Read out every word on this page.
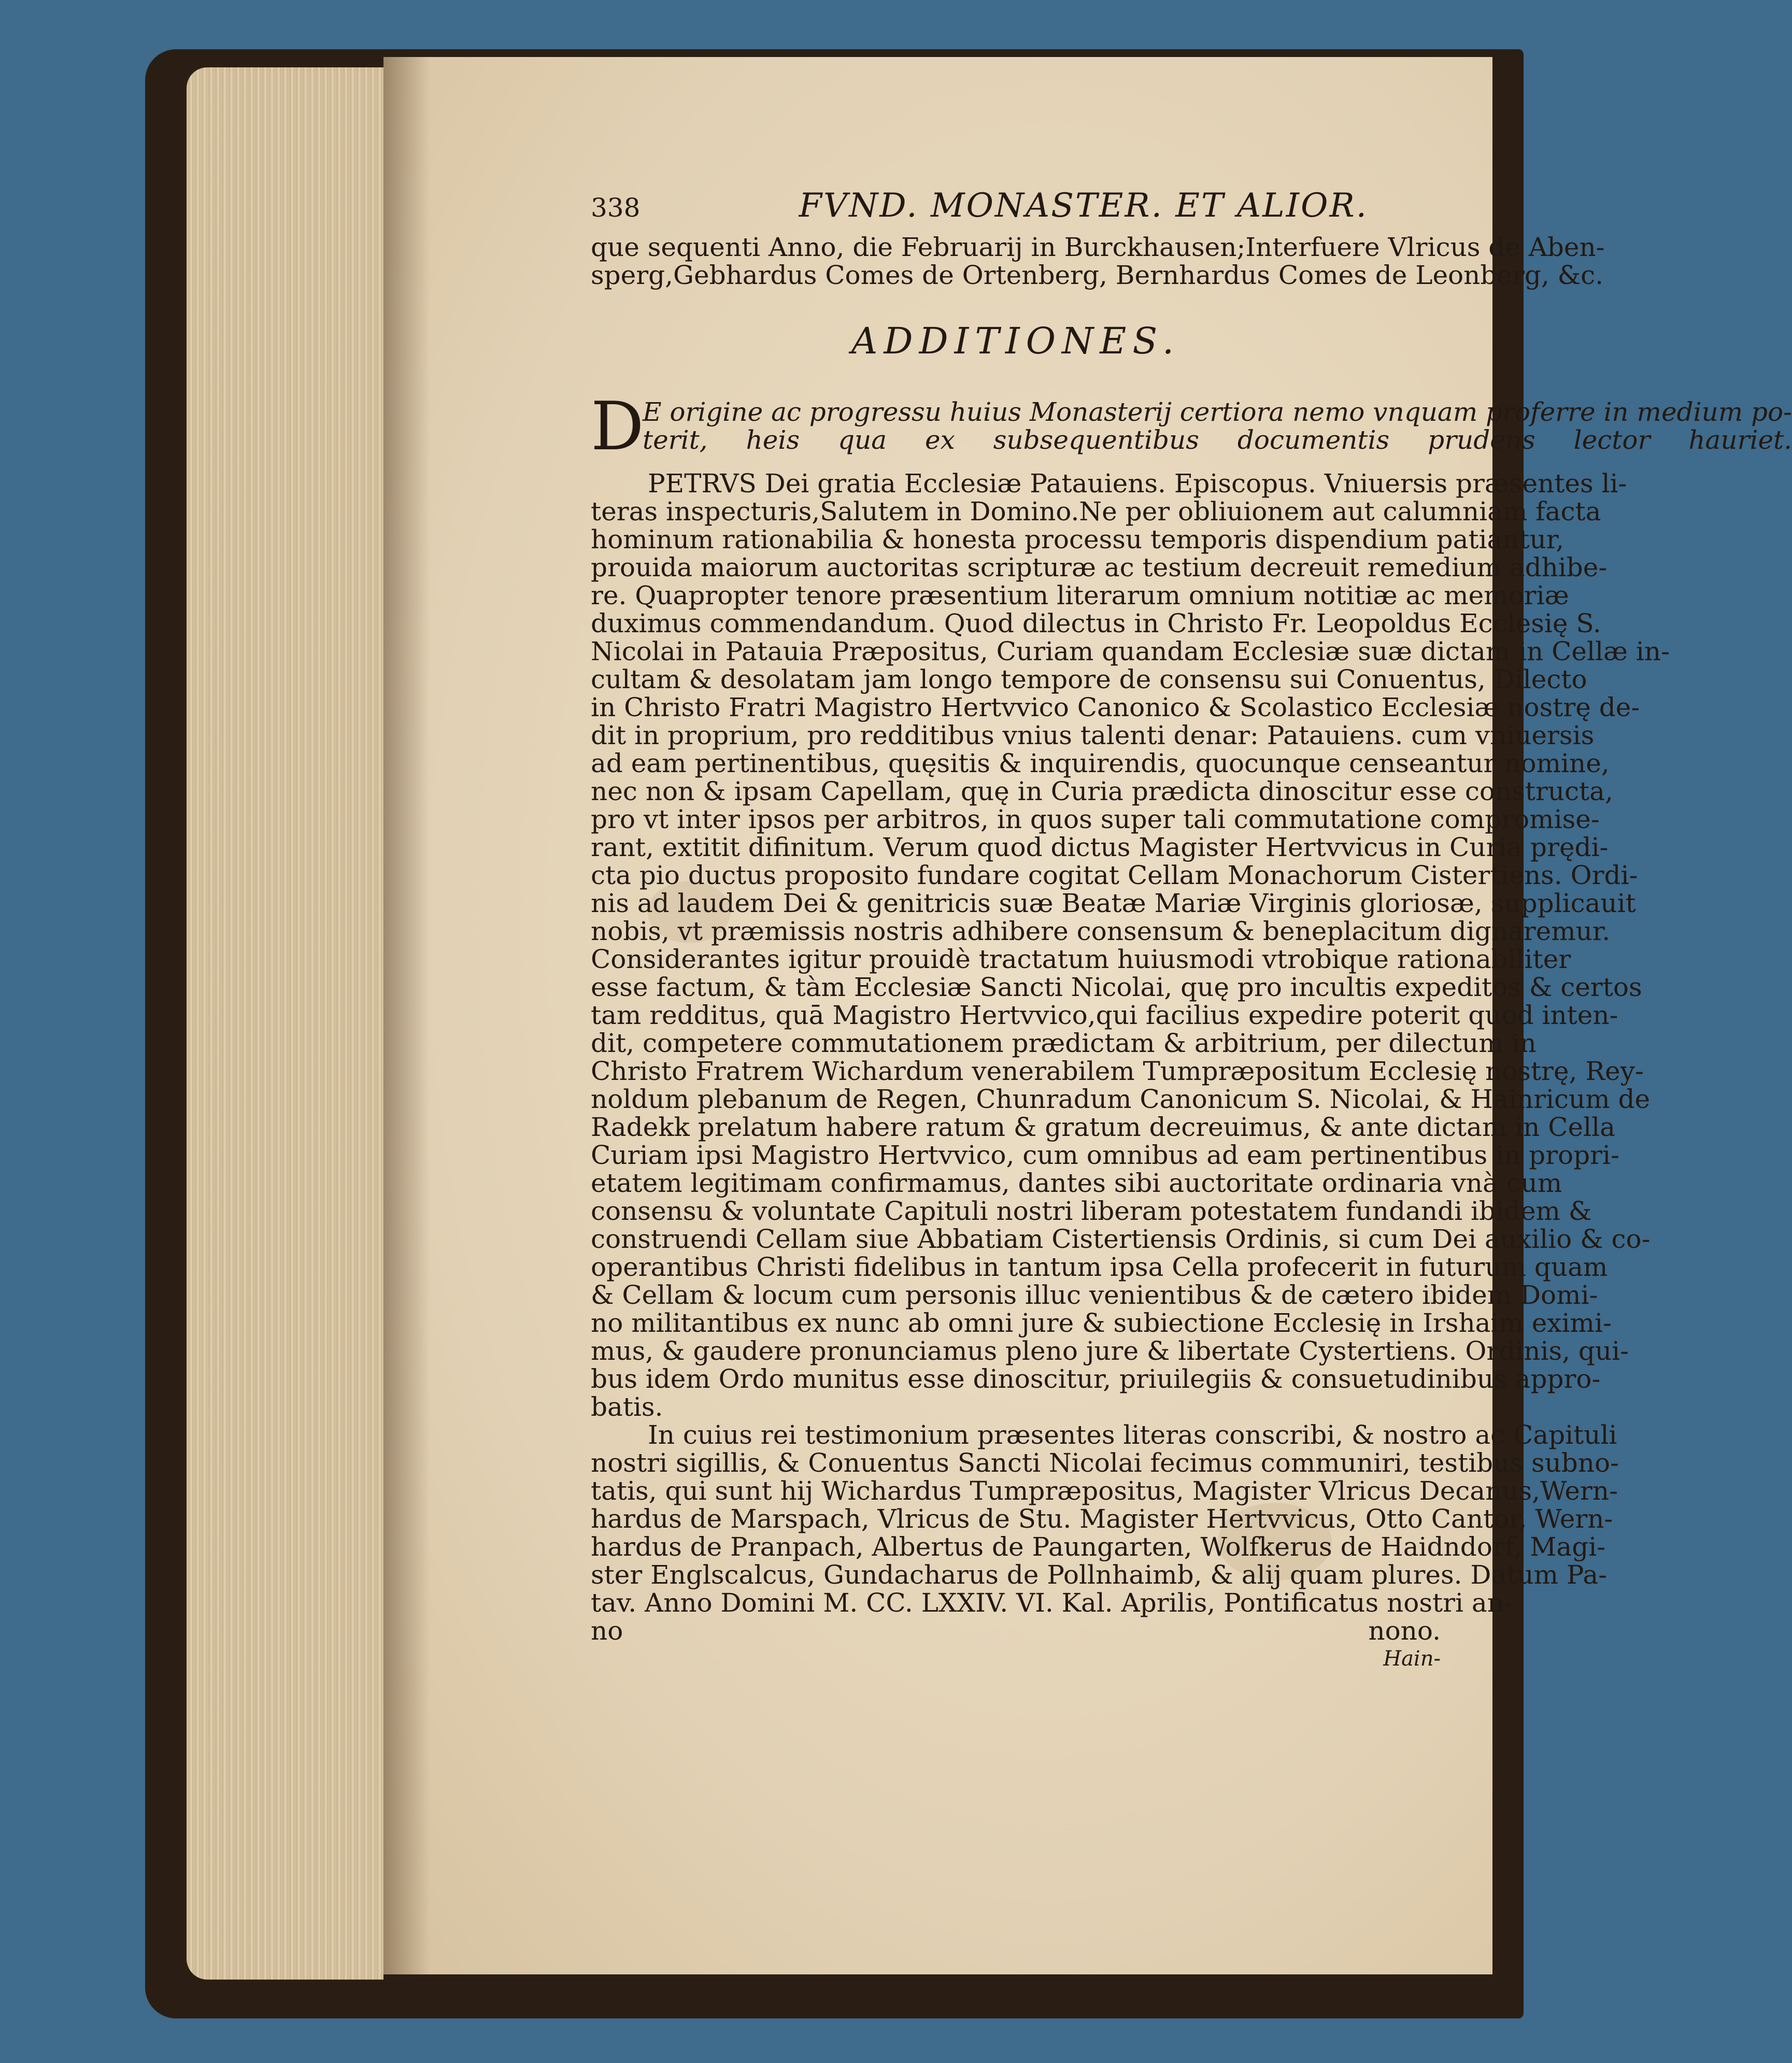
338	FVND. MONASTER. ET ALIOR.
que sequenti Anno, die Februarij in Burckhausen;Interfuere Vlricus de Aben-
sperg,Gebhardus Comes de Ortenberg, Bernhardus Comes de Leonberg, &c.
ADDITIONES.
D
E origine ac progressu huius Monasterij certiora nemo vnquam proferre in medium po-
terit, heis qua ex subsequentibus documentis prudens lector hauriet.
PETRVS Dei gratia Ecclesiæ Patauiens. Episcopus. Vniuersis præsentes li-
teras inspecturis,Salutem in Domino.Ne per obliuionem aut calumniam facta
hominum rationabilia & honesta processu temporis dispendium patiantur,
prouida maiorum auctoritas scripturæ ac testium decreuit remedium adhibe-
re. Quapropter tenore præsentium literarum omnium notitiæ ac memoriæ
duximus commendandum. Quod dilectus in Christo Fr. Leopoldus Ecclesię S.
Nicolai in Patauia Præpositus, Curiam quandam Ecclesiæ suæ dictam in Cellæ in-
cultam & desolatam jam longo tempore de consensu sui Conuentus, Dilecto
in Christo Fratri Magistro Hertvvico Canonico & Scolastico Ecclesiæ nostrę de-
dit in proprium, pro redditibus vnius talenti denar: Patauiens. cum vniuersis
ad eam pertinentibus, quęsitis & inquirendis, quocunque censeantur nomine,
nec non & ipsam Capellam, quę in Curia prædicta dinoscitur esse constructa,
pro vt inter ipsos per arbitros, in quos super tali commutatione compromise-
rant, extitit difinitum. Verum quod dictus Magister Hertvvicus in Curia prędi-
cta pio ductus proposito fundare cogitat Cellam Monachorum Cistertiens. Ordi-
nis ad laudem Dei & genitricis suæ Beatæ Mariæ Virginis gloriosæ, supplicauit
nobis, vt præmissis nostris adhibere consensum & beneplacitum dignaremur.
Considerantes igitur prouidè tractatum huiusmodi vtrobique rationabiliter
esse factum, & tàm Ecclesiæ Sancti Nicolai, quę pro incultis expeditos & certos
tam redditus, quā Magistro Hertvvico,qui facilius expedire poterit quod inten-
dit, competere commutationem prædictam & arbitrium, per dilectum in
Christo Fratrem Wichardum venerabilem Tumpræpositum Ecclesię nostrę, Rey-
noldum plebanum de Regen, Chunradum Canonicum S. Nicolai, & Hainricum de
Radekk prelatum habere ratum & gratum decreuimus, & ante dictam in Cella
Curiam ipsi Magistro Hertvvico, cum omnibus ad eam pertinentibus in propri-
etatem legitimam confirmamus, dantes sibi auctoritate ordinaria vnà cum
consensu & voluntate Capituli nostri liberam potestatem fundandi ibidem &
construendi Cellam siue Abbatiam Cistertiensis Ordinis, si cum Dei auxilio & co-
operantibus Christi fidelibus in tantum ipsa Cella profecerit in futurum quam
& Cellam & locum cum personis illuc venientibus & de cætero ibidem Domi-
no militantibus ex nunc ab omni jure & subiectione Ecclesię in Irshaim eximi-
mus, & gaudere pronunciamus pleno jure & libertate Cystertiens. Ordinis, qui-
bus idem Ordo munitus esse dinoscitur, priuilegiis & consuetudinibus appro-
batis.
In cuius rei testimonium præsentes literas conscribi, & nostro ac Capituli
nostri sigillis, & Conuentus Sancti Nicolai fecimus communiri, testibus subno-
tatis, qui sunt hij Wichardus Tumpræpositus, Magister Vlricus Decanus,Wern-
hardus de Marspach, Vlricus de Stu. Magister Hertvvicus, Otto Cantor, Wern-
hardus de Pranpach, Albertus de Paungarten, Wolfkerus de Haidndorf, Magi-
ster Englscalcus, Gundacharus de Pollnhaimb, & alij quam plures. Datum Pa-
tav. Anno Domini M. CC. LXXIV. VI. Kal. Aprilis, Pontificatus nostri an-
no nono.
Hain-
